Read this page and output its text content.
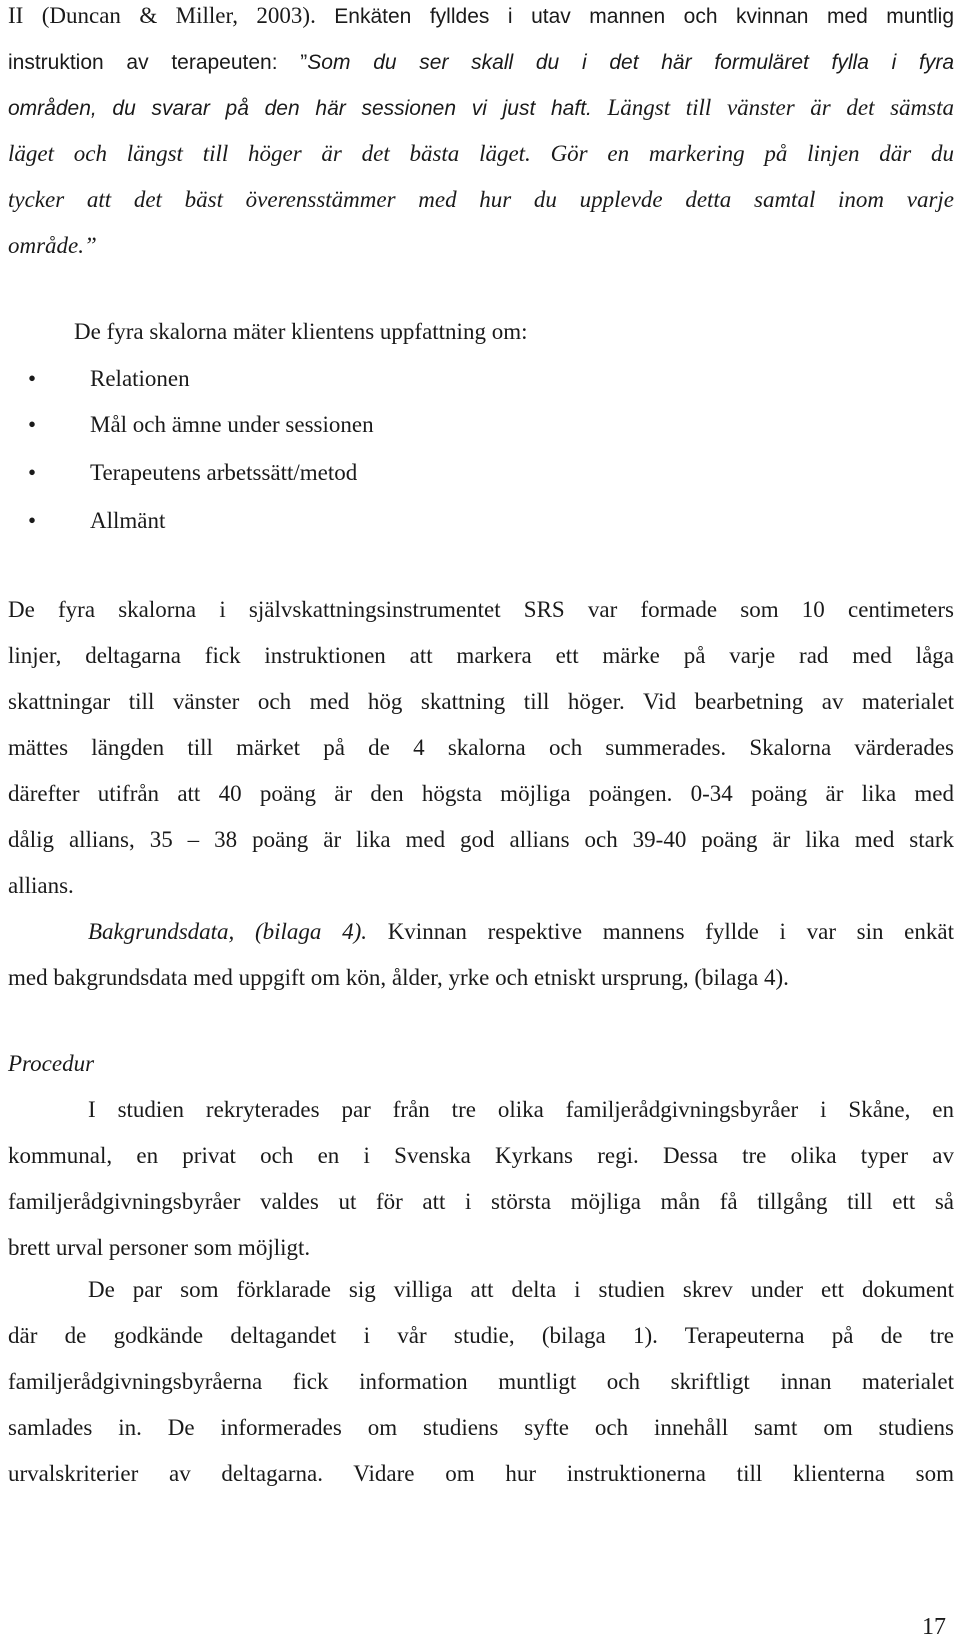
II (Duncan & Miller, 2003). Enkäten fylldes i utav mannen och kvinnan med muntlig
instruktion av terapeuten: ”Som du ser skall du i det här formuläret fylla i fyra
områden, du svarar på den här sessionen vi just haft. Längst till vänster är det sämsta
läget och längst till höger är det bästa läget. Gör en markering på linjen där du
tycker att det bäst överensstämmer med hur du upplevde detta samtal inom varje
område.”
De fyra skalorna mäter klientens uppfattning om:
• Relationen
• Mål och ämne under sessionen
• Terapeutens arbetssätt/metod
• Allmänt
De fyra skalorna i självskattningsinstrumentet SRS var formade som 10 centimeters
linjer, deltagarna fick instruktionen att markera ett märke på varje rad med låga
skattningar till vänster och med hög skattning till höger. Vid bearbetning av materialet
mättes längden till märket på de 4 skalorna och summerades. Skalorna värderades
därefter utifrån att 40 poäng är den högsta möjliga poängen. 0-34 poäng är lika med
dålig allians, 35 – 38 poäng är lika med god allians och 39-40 poäng är lika med stark
allians.
Bakgrundsdata, (bilaga 4). Kvinnan respektive mannens fyllde i var sin enkät
med bakgrundsdata med uppgift om kön, ålder, yrke och etniskt ursprung, (bilaga 4).
Procedur
I studien rekryterades par från tre olika familjerådgivningsbyråer i Skåne, en
kommunal, en privat och en i Svenska Kyrkans regi. Dessa tre olika typer av
familjerådgivningsbyråer valdes ut för att i största möjliga mån få tillgång till ett så
brett urval personer som möjligt.
De par som förklarade sig villiga att delta i studien skrev under ett dokument
där de godkände deltagandet i vår studie, (bilaga 1). Terapeuterna på de tre
familjerådgivningsbyråerna fick information muntligt och skriftligt innan materialet
samlades in. De informerades om studiens syfte och innehåll samt om studiens
urvalskriterier av deltagarna. Vidare om hur instruktionerna till klienterna som
17
